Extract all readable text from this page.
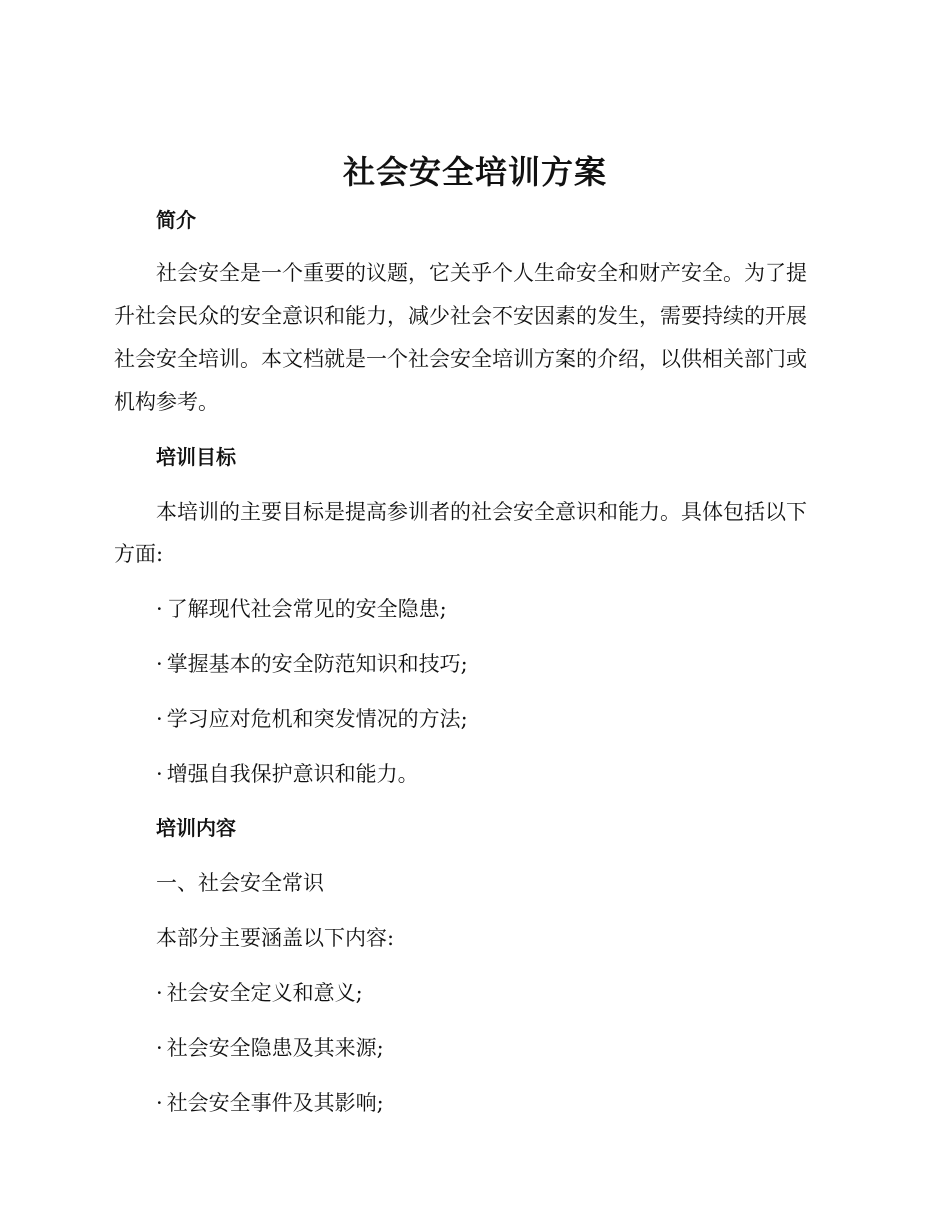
社会安全培训方案
简介
社会安全是一个重要的议题，它关乎个人生命安全和财产安全。为了提
升社会民众的安全意识和能力，减少社会不安因素的发生，需要持续的开展
社会安全培训。本文档就是一个社会安全培训方案的介绍，以供相关部门或
机构参考。
培训目标
本培训的主要目标是提高参训者的社会安全意识和能力。具体包括以下
方面:
· 了解现代社会常见的安全隐患;
· 掌握基本的安全防范知识和技巧;
· 学习应对危机和突发情况的方法;
· 增强自我保护意识和能力。
培训内容
一、社会安全常识
本部分主要涵盖以下内容:
· 社会安全定义和意义;
· 社会安全隐患及其来源;
· 社会安全事件及其影响;
